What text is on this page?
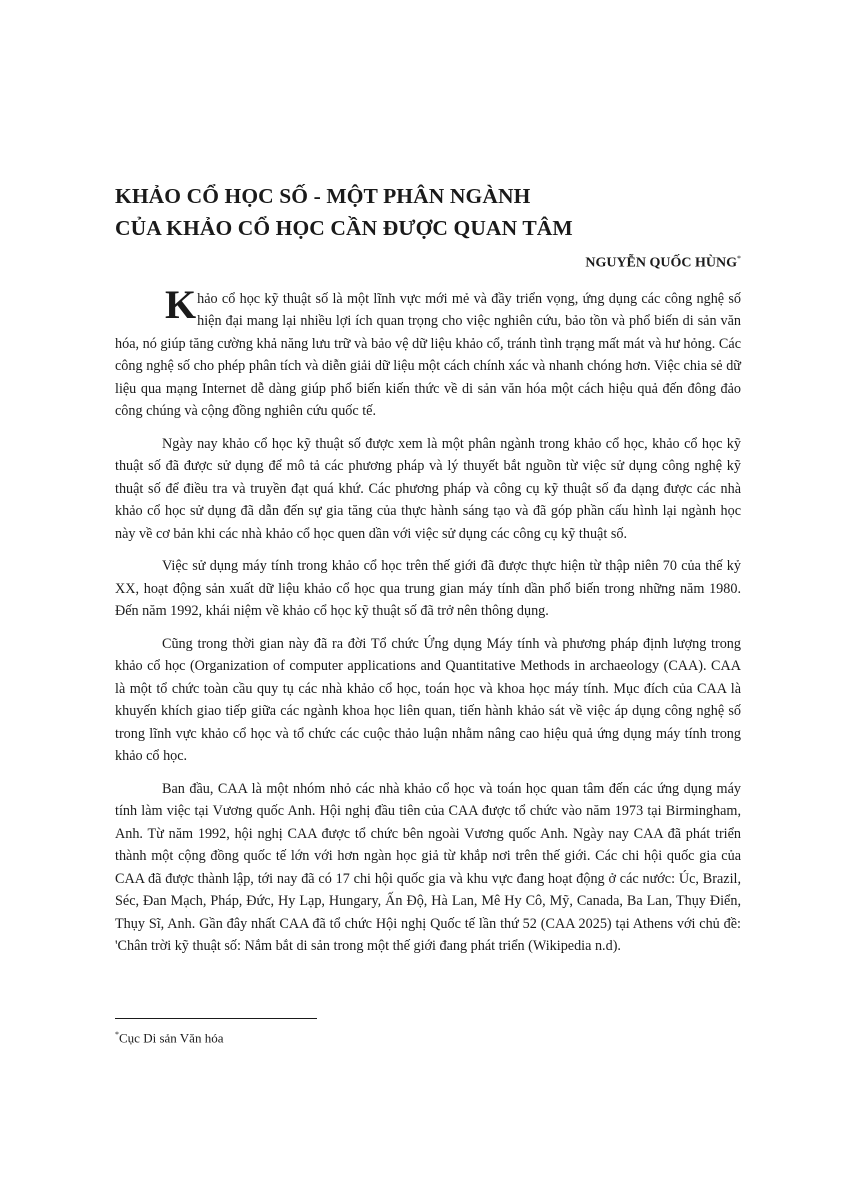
KHẢO CỔ HỌC SỐ - MỘT PHÂN NGÀNH
CỦA KHẢO CỔ HỌC CẦN ĐƯỢC QUAN TÂM
NGUYỄN QUỐC HÙNG*

Khảo cổ học kỹ thuật số là một lĩnh vực mới mẻ và đầy triển vọng, ứng dụng các công nghệ số hiện đại mang lại nhiều lợi ích quan trọng cho việc nghiên cứu, bảo tồn và phổ biến di sản văn hóa, nó giúp tăng cường khả năng lưu trữ và bảo vệ dữ liệu khảo cổ, tránh tình trạng mất mát và hư hỏng. Các công nghệ số cho phép phân tích và diễn giải dữ liệu một cách chính xác và nhanh chóng hơn. Việc chia sẻ dữ liệu qua mạng Internet dễ dàng giúp phổ biến kiến thức về di sản văn hóa một cách hiệu quả đến đông đảo công chúng và cộng đồng nghiên cứu quốc tế.

Ngày nay khảo cổ học kỹ thuật số được xem là một phân ngành trong khảo cổ học, khảo cổ học kỹ thuật số đã được sử dụng để mô tả các phương pháp và lý thuyết bắt nguồn từ việc sử dụng công nghệ kỹ thuật số để điều tra và truyền đạt quá khứ. Các phương pháp và công cụ kỹ thuật số đa dạng được các nhà khảo cổ học sử dụng đã dẫn đến sự gia tăng của thực hành sáng tạo và đã góp phần cấu hình lại ngành học này về cơ bản khi các nhà khảo cổ học quen dần với việc sử dụng các công cụ kỹ thuật số.

Việc sử dụng máy tính trong khảo cổ học trên thế giới đã được thực hiện từ thập niên 70 của thế kỷ XX, hoạt động sản xuất dữ liệu khảo cổ học qua trung gian máy tính dần phổ biến trong những năm 1980. Đến năm 1992, khái niệm về khảo cổ học kỹ thuật số đã trở nên thông dụng.

Cũng trong thời gian này đã ra đời Tổ chức Ứng dụng Máy tính và phương pháp định lượng trong khảo cổ học (Organization of computer applications and Quantitative Methods in archaeology (CAA). CAA là một tổ chức toàn cầu quy tụ các nhà khảo cổ học, toán học và khoa học máy tính. Mục đích của CAA là khuyến khích giao tiếp giữa các ngành khoa học liên quan, tiến hành khảo sát về việc áp dụng công nghệ số trong lĩnh vực khảo cổ học và tổ chức các cuộc thảo luận nhằm nâng cao hiệu quả ứng dụng máy tính trong khảo cổ học.

Ban đầu, CAA là một nhóm nhỏ các nhà khảo cổ học và toán học quan tâm đến các ứng dụng máy tính làm việc tại Vương quốc Anh. Hội nghị đầu tiên của CAA được tổ chức vào năm 1973 tại Birmingham, Anh. Từ năm 1992, hội nghị CAA được tổ chức bên ngoài Vương quốc Anh. Ngày nay CAA đã phát triển thành một cộng đồng quốc tế lớn với hơn ngàn học giả từ khắp nơi trên thế giới. Các chi hội quốc gia của CAA đã được thành lập, tới nay đã có 17 chi hội quốc gia và khu vực đang hoạt động ở các nước: Úc, Brazil, Séc, Đan Mạch, Pháp, Đức, Hy Lạp, Hungary, Ấn Độ, Hà Lan, Mê Hy Cô, Mỹ, Canada, Ba Lan, Thụy Điển, Thụy Sĩ, Anh. Gần đây nhất CAA đã tổ chức Hội nghị Quốc tế lần thứ 52 (CAA 2025) tại Athens với chủ đề: 'Chân trời kỹ thuật số: Nắm bắt di sản trong một thế giới đang phát triển (Wikipedia n.d).

*Cục Di sản Văn hóa
